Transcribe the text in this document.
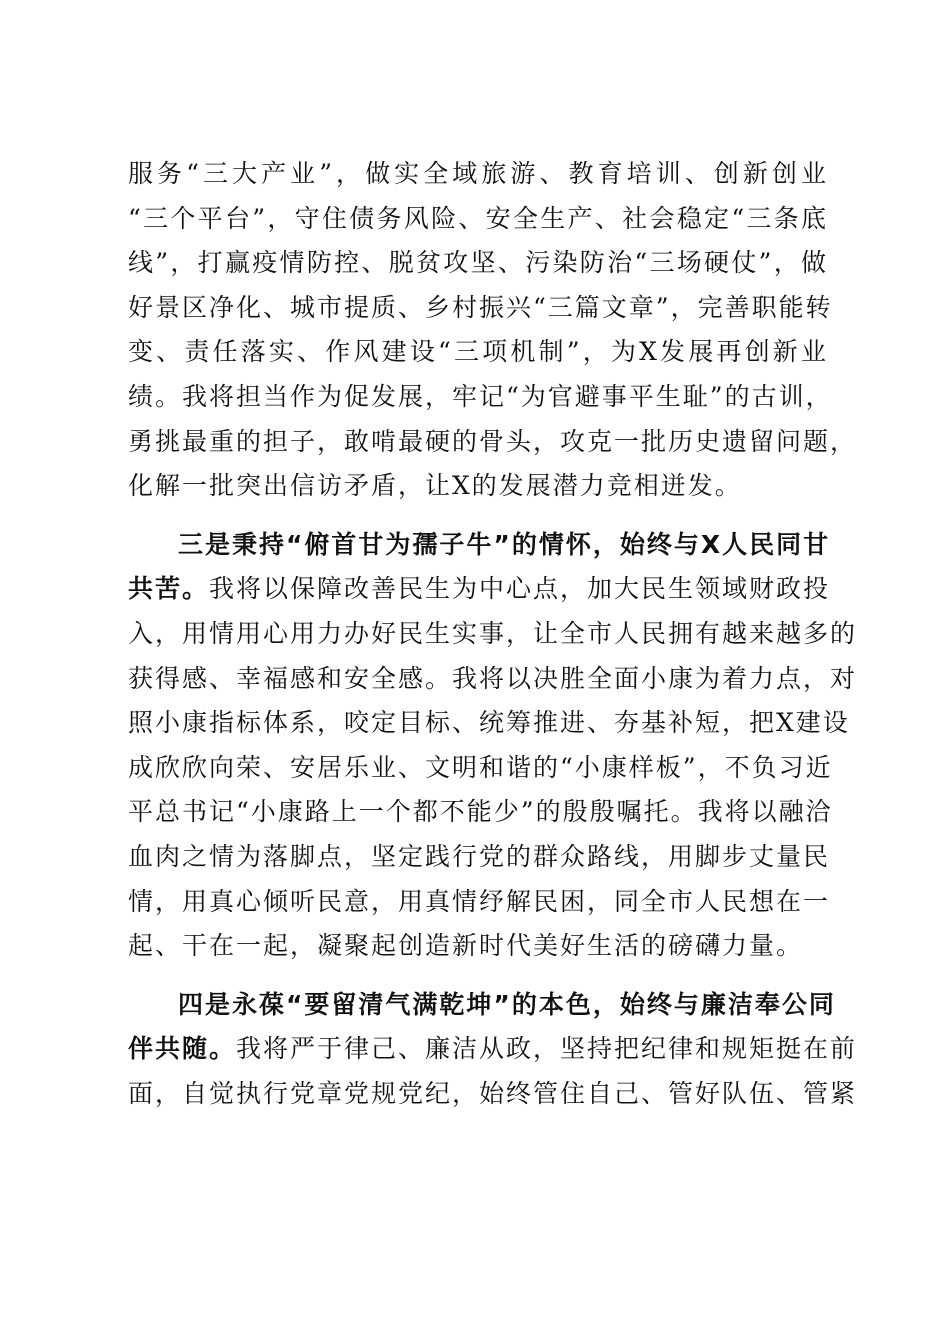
服务“三大产业”，做实全域旅游、教育培训、创新创业
“三个平台”，守住债务风险、安全生产、社会稳定“三条底
线”，打赢疫情防控、脱贫攻坚、污染防治“三场硬仗”，做
好景区净化、城市提质、乡村振兴“三篇文章”，完善职能转
变、责任落实、作风建设“三项机制”，为X发展再创新业
绩。我将担当作为促发展，牢记“为官避事平生耻”的古训，
勇挑最重的担子，敢啃最硬的骨头，攻克一批历史遗留问题，
化解一批突出信访矛盾，让X的发展潜力竞相迸发。
三是秉持“俯首甘为孺子牛”的情怀，始终与X人民同甘
共苦。我将以保障改善民生为中心点，加大民生领域财政投
入，用情用心用力办好民生实事，让全市人民拥有越来越多的
获得感、幸福感和安全感。我将以决胜全面小康为着力点，对
照小康指标体系，咬定目标、统筹推进、夯基补短，把X建设
成欣欣向荣、安居乐业、文明和谐的“小康样板”，不负习近
平总书记“小康路上一个都不能少”的殷殷嘱托。我将以融洽
血肉之情为落脚点，坚定践行党的群众路线，用脚步丈量民
情，用真心倾听民意，用真情纾解民困，同全市人民想在一
起、干在一起，凝聚起创造新时代美好生活的磅礴力量。
四是永葆“要留清气满乾坤”的本色，始终与廉洁奉公同
伴共随。我将严于律己、廉洁从政，坚持把纪律和规矩挺在前
面，自觉执行党章党规党纪，始终管住自己、管好队伍、管紧
